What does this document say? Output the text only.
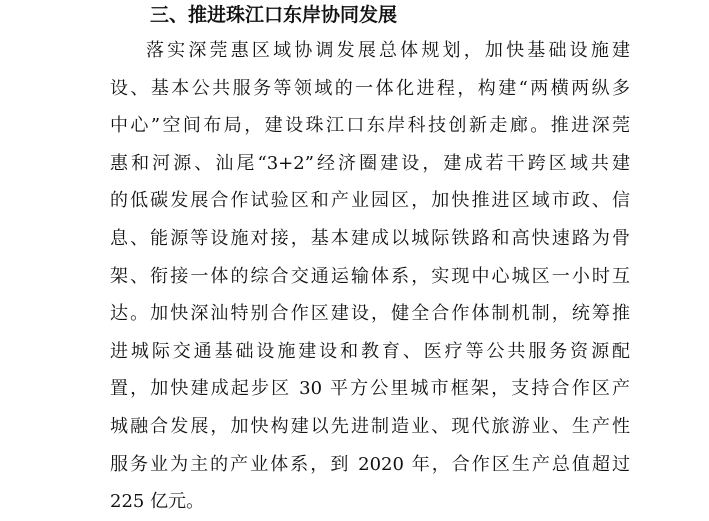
三、推进珠江口东岸协同发展
落实深莞惠区域协调发展总体规划，加快基础设施建
设、基本公共服务等领域的一体化进程，构建“两横两纵多
中心”空间布局，建设珠江口东岸科技创新走廊。推进深莞
惠和河源、汕尾“3+2”经济圈建设，建成若干跨区域共建
的低碳发展合作试验区和产业园区，加快推进区域市政、信
息、能源等设施对接，基本建成以城际铁路和高快速路为骨
架、衔接一体的综合交通运输体系，实现中心城区一小时互
达。加快深汕特别合作区建设，健全合作体制机制，统筹推
进城际交通基础设施建设和教育、医疗等公共服务资源配
置，加快建成起步区 30 平方公里城市框架，支持合作区产
城融合发展，加快构建以先进制造业、现代旅游业、生产性
服务业为主的产业体系，到 2020 年，合作区生产总值超过
225 亿元。
